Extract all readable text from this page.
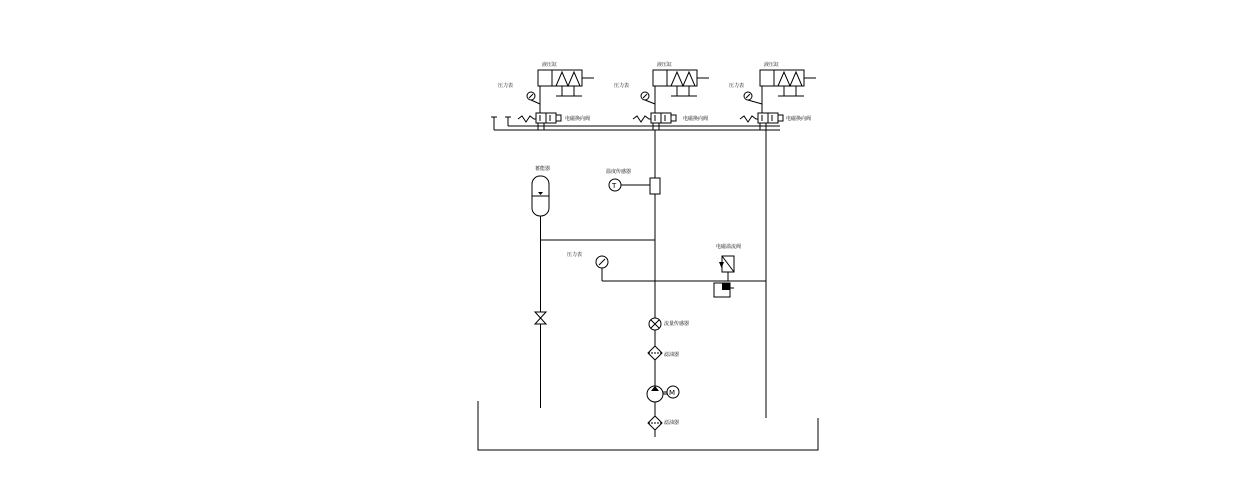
液压缸
压力表
电磁换向阀
液压缸
压力表
电磁换向阀
液压缸
压力表
电磁换向阀
温度传感器
T
蓄能器
压力表
电磁溢流阀
流量传感器
滤油器
M
滤油器
